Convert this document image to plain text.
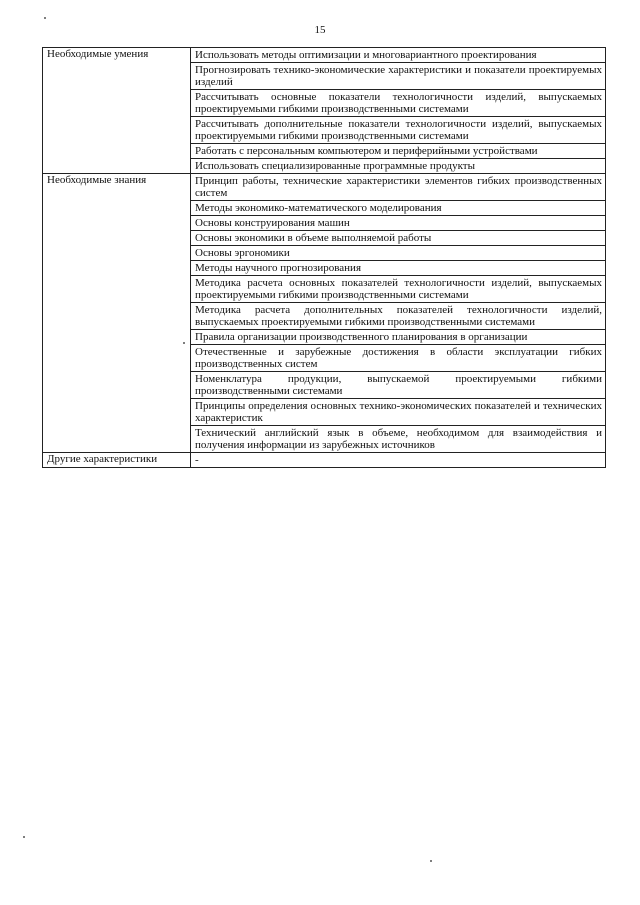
15
Необходимые умения	Использовать методы оптимизации и многовариантного проектирования
	Прогнозировать технико-экономические характеристики и показатели проектируемых изделий
	Рассчитывать основные показатели технологичности изделий, выпускаемых проектируемыми гибкими производственными системами
	Рассчитывать дополнительные показатели технологичности изделий, выпускаемых проектируемыми гибкими производственными системами
	Работать с персональным компьютером и периферийными устройствами
	Использовать специализированные программные продукты
Необходимые знания	Принцип работы, технические характеристики элементов гибких производственных систем
	Методы экономико-математического моделирования
	Основы конструирования машин
	Основы экономики в объеме выполняемой работы
	Основы эргономики
	Методы научного прогнозирования
	Методика расчета основных показателей технологичности изделий, выпускаемых проектируемыми гибкими производственными системами
	Методика расчета дополнительных показателей технологичности изделий, выпускаемых проектируемыми гибкими производственными системами
	Правила организации производственного планирования в организации
	Отечественные и зарубежные достижения в области эксплуатации гибких производственных систем
	Номенклатура продукции, выпускаемой проектируемыми гибкими производственными системами
	Принципы определения основных технико-экономических показателей и технических характеристик
	Технический английский язык в объеме, необходимом для взаимодействия и получения информации из зарубежных источников
Другие характеристики	-
